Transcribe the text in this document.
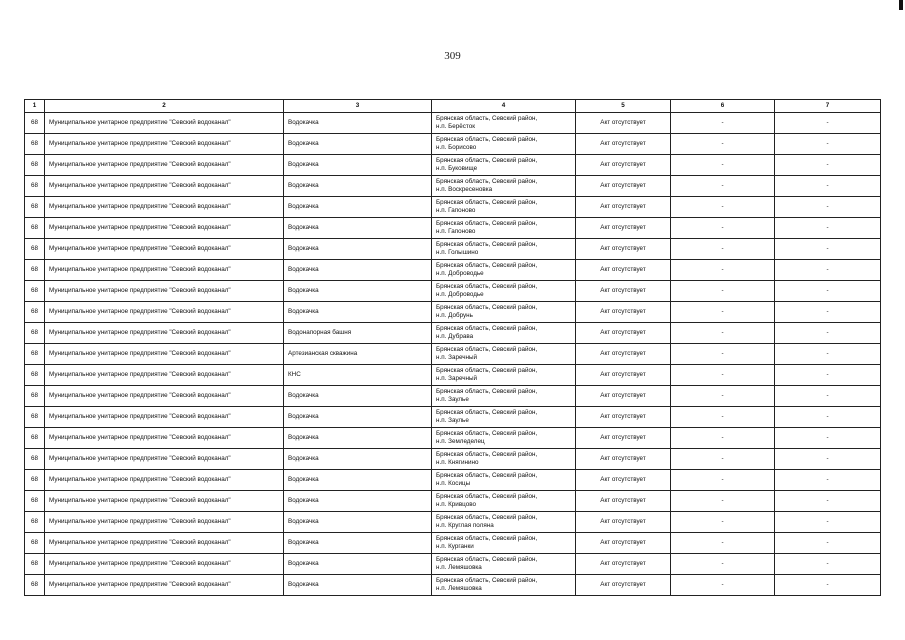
309
1	2	3	4	5	6	7
68	Муниципальное унитарное предприятие "Севский водоканал"	Водокачка	Брянская область, Севский район,
н.п. Берёсток	Акт отсутствует	-	-
68	Муниципальное унитарное предприятие "Севский водоканал"	Водокачка	Брянская область, Севский район,
н.п. Борисово	Акт отсутствует	-	-
68	Муниципальное унитарное предприятие "Севский водоканал"	Водокачка	Брянская область, Севский район,
н.п. Буковище	Акт отсутствует	-	-
68	Муниципальное унитарное предприятие "Севский водоканал"	Водокачка	Брянская область, Севский район,
н.п. Воскресеновка	Акт отсутствует	-	-
68	Муниципальное унитарное предприятие "Севский водоканал"	Водокачка	Брянская область, Севский район,
н.п. Гапоново	Акт отсутствует	-	-
68	Муниципальное унитарное предприятие "Севский водоканал"	Водокачка	Брянская область, Севский район,
н.п. Гапоново	Акт отсутствует	-	-
68	Муниципальное унитарное предприятие "Севский водоканал"	Водокачка	Брянская область, Севский район,
н.п. Голышино	Акт отсутствует	-	-
68	Муниципальное унитарное предприятие "Севский водоканал"	Водокачка	Брянская область, Севский район,
н.п. Доброводье	Акт отсутствует	-	-
68	Муниципальное унитарное предприятие "Севский водоканал"	Водокачка	Брянская область, Севский район,
н.п. Доброводье	Акт отсутствует	-	-
68	Муниципальное унитарное предприятие "Севский водоканал"	Водокачка	Брянская область, Севский район,
н.п. Добрунь	Акт отсутствует	-	-
68	Муниципальное унитарное предприятие "Севский водоканал"	Водонапорная башня	Брянская область, Севский район,
н.п. Дубрава	Акт отсутствует	-	-
68	Муниципальное унитарное предприятие "Севский водоканал"	Артезианская скважина	Брянская область, Севский район,
н.п. Заречный	Акт отсутствует	-	-
68	Муниципальное унитарное предприятие "Севский водоканал"	КНС	Брянская область, Севский район,
н.п. Заречный	Акт отсутствует	-	-
68	Муниципальное унитарное предприятие "Севский водоканал"	Водокачка	Брянская область, Севский район,
н.п. Заулье	Акт отсутствует	-	-
68	Муниципальное унитарное предприятие "Севский водоканал"	Водокачка	Брянская область, Севский район,
н.п. Заулье	Акт отсутствует	-	-
68	Муниципальное унитарное предприятие "Севский водоканал"	Водокачка	Брянская область, Севский район,
н.п. Земледелец	Акт отсутствует	-	-
68	Муниципальное унитарное предприятие "Севский водоканал"	Водокачка	Брянская область, Севский район,
н.п. Княгинино	Акт отсутствует	-	-
68	Муниципальное унитарное предприятие "Севский водоканал"	Водокачка	Брянская область, Севский район,
н.п. Косицы	Акт отсутствует	-	-
68	Муниципальное унитарное предприятие "Севский водоканал"	Водокачка	Брянская область, Севский район,
н.п. Кривцово	Акт отсутствует	-	-
68	Муниципальное унитарное предприятие "Севский водоканал"	Водокачка	Брянская область, Севский район,
н.п. Круглая поляна	Акт отсутствует	-	-
68	Муниципальное унитарное предприятие "Севский водоканал"	Водокачка	Брянская область, Севский район,
н.п. Курганки	Акт отсутствует	-	-
68	Муниципальное унитарное предприятие "Севский водоканал"	Водокачка	Брянская область, Севский район,
н.п. Лемяшовка	Акт отсутствует	-	-
68	Муниципальное унитарное предприятие "Севский водоканал"	Водокачка	Брянская область, Севский район,
н.п. Лемяшовка	Акт отсутствует	-	-
